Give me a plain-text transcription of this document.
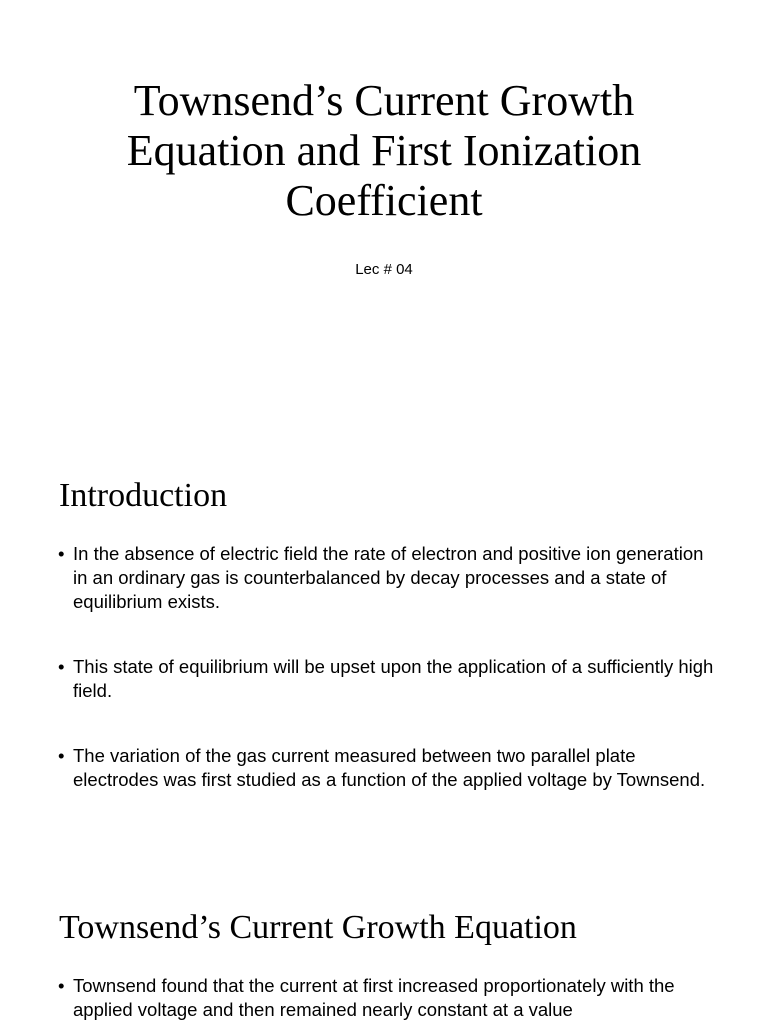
Townsend’s Current Growth Equation and First Ionization Coefficient
Lec # 04
Introduction
• In the absence of electric field the rate of electron and positive ion generation in an ordinary gas is counterbalanced by decay processes and a state of equilibrium exists.
• This state of equilibrium will be upset upon the application of a sufficiently high field.
• The variation of the gas current measured between two parallel plate electrodes was first studied as a function of the applied voltage by Townsend.
Townsend’s Current Growth Equation
• Townsend found that the current at first increased proportionately with the applied voltage and then remained nearly constant at a value
